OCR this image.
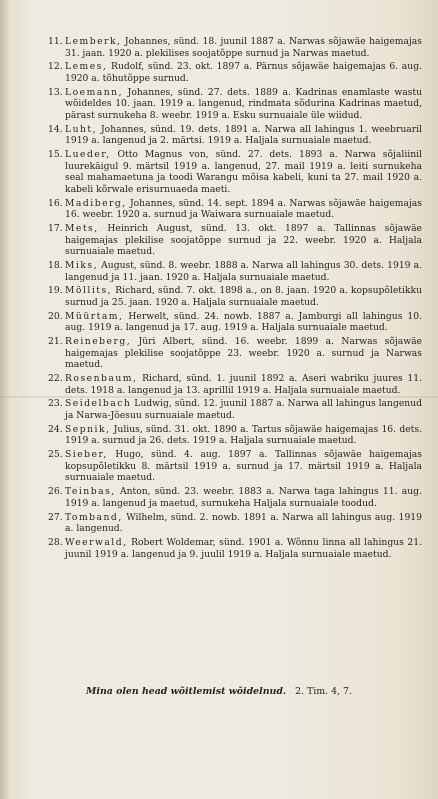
11. Lemberk, Johannes, sünd. 18. juunil 1887 a. Narwas sõjawäe haigemajas 31. jaan. 1920 a. plekilises soojatõppe surnud ja Narwas maetud.
12. Lemes, Rudolf, sünd. 23. okt. 1897 a. Pärnus sõjawäe haigemajas 6. aug. 1920 a. tõhutõppe surnud.
13. Loemann, Johannes, sünd. 27. dets. 1889 a. Kadrinas enamlaste wastu wõideldes 10. jaan. 1919 a. langenud, rindmata sõdurina Kadrinas maetud, pärast surnukeha 8. weebr. 1919 a. Esku surnuaiale üle wiidud.
14. Luht, Johannes, sünd. 19. dets. 1891 a. Narwa all lahingus 1. weebruaril 1919 a. langenud ja 2. märtsi. 1919 a. Haljala surnuaiale maetud.
15. Lueder, Otto Magnus von, sünd. 27. dets. 1893 a. Narwa sõjaliinil luurekäigul 9. märtsil 1919 a. langenud, 27. mail 1919 a. leiti surnukeha seal mahamaetuna ja toodi Warangu mõisa kabeli, kuni ta 27. mail 1920 a. kabeli kõrwale erisurnuaeda maeti.
16. Madiberg, Johannes, sünd. 14. sept. 1894 a. Narwas sõjawäe haigemajas 16. weebr. 1920 a. surnud ja Waiwara surnuaiale maetud.
17. Mets, Heinrich August, sünd. 13. okt. 1897 a. Tallinnas sõjawäe haigemajas plekilise soojatõppe surnud ja 22. weebr. 1920 a. Haljala surnuaiale maetud.
18. Miks, August, sünd. 8. weebr. 1888 a. Narwa all lahingus 30. dets. 1919 a. langenud ja 11. jaan. 1920 a. Haljala surnuaiale maetud.
19. Möllits, Richard, sünd. 7. okt. 1898 a., on 8. jaan. 1920 a. kopsupõletikku surnud ja 25. jaan. 1920 a. Haljala surnuaiale maetud.
20. Müürtam, Herwelt, sünd. 24. nowb. 1887 a. Jamburgi all lahingus 10. aug. 1919 a. langenud ja 17. aug. 1919 a. Haljala surnuaiale maetud.
21. Reineberg, Jüri Albert, sünd. 16. weebr. 1899 a. Narwas sõjawäe haigemajas plekilise soojatõppe 23. weebr. 1920 a. surnud ja Narwas maetud.
22. Rosenbaum, Richard, sünd. 1. juunil 1892 a. Aseri wabriku juures 11. dets. 1918 a. langenud ja 13. aprillil 1919 a. Haljala surnuaiale maetud.
23. Seidelbach Ludwig, sünd. 12. juunil 1887 a. Narwa all lahingus langenud ja Narwa-Jõesuu surnuaiale maetud.
24. Sepnik, Julius, sünd. 31. okt. 1890 a. Tartus sõjawäe haigemajas 16. dets. 1919 a. surnud ja 26. dets. 1919 a. Haljala surnuaiale maetud.
25. Sieber, Hugo, sünd. 4. aug. 1897 a. Tallinnas sõjawäe haigemajas kopsupõletikku 8. märtsil 1919 a. surnud ja 17. märtsil 1919 a. Haljala surnuaiale maetud.
26. Teinbas, Anton, sünd. 23. weebr. 1883 a. Narwa taga lahingus 11. aug. 1919 a. langenud ja maetud, surnukeha Haljala surnuaiale toodud.
27. Tomband, Wilhelm, sünd. 2. nowb. 1891 a. Narwa all lahingus aug. 1919 a. langenud.
28. Weerwald, Robert Woldemar, sünd. 1901 a. Wõnnu linna all lahingus 21. juunil 1919 a. langenud ja 9. juulil 1919 a. Haljala surnuaiale maetud.
Mina olen head wõitlemist wõidelnud. 2. Tim. 4, 7.
